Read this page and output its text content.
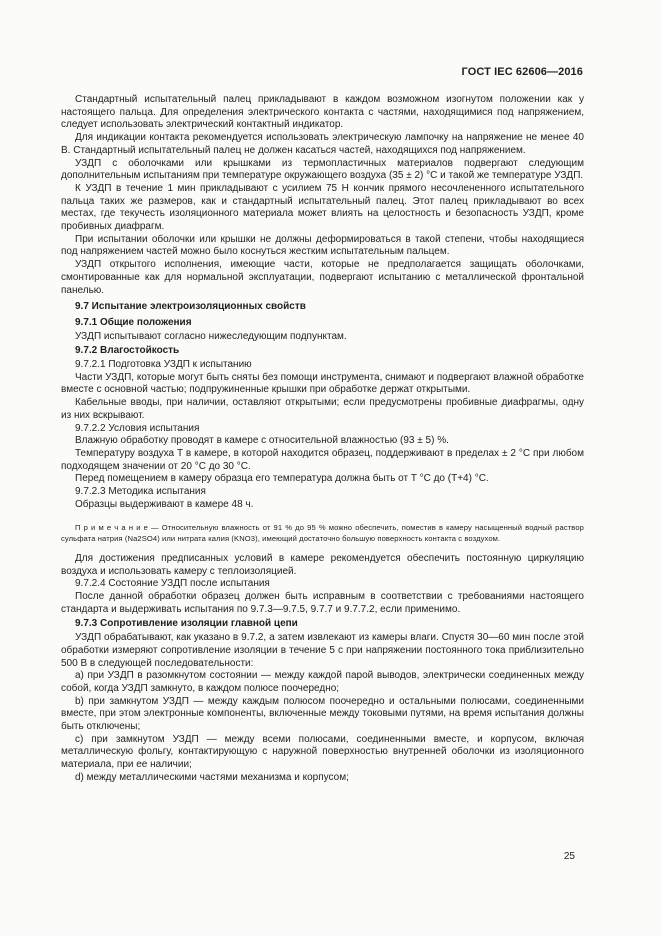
ГОСТ IEC 62606—2016

Стандартный испытательный палец прикладывают в каждом возможном изогнутом положении как у настоящего пальца. Для определения электрического контакта с частями, находящимися под напряжением, следует использовать электрический контактный индикатор.

Для индикации контакта рекомендуется использовать электрическую лампочку на напряжение не менее 40 В. Стандартный испытательный палец не должен касаться частей, находящихся под напряжением.

УЗДП с оболочками или крышками из термопластичных материалов подвергают следующим дополнительным испытаниям при температуре окружающего воздуха (35 ± 2) °С и такой же температуре УЗДП.

К УЗДП в течение 1 мин прикладывают с усилием 75 Н кончик прямого несочлененного испытательного пальца таких же размеров, как и стандартный испытательный палец. Этот палец прикладывают во всех местах, где текучесть изоляционного материала может влиять на целостность и безопасность УЗДП, кроме пробивных диафрагм.

При испытании оболочки или крышки не должны деформироваться в такой степени, чтобы находящиеся под напряжением частей можно было коснуться жестким испытательным пальцем.

УЗДП открытого исполнения, имеющие части, которые не предполагается защищать оболочками, смонтированные как для нормальной эксплуатации, подвергают испытанию с металлической фронтальной панелью.

9.7 Испытание электроизоляционных свойств

9.7.1 Общие положения

УЗДП испытывают согласно нижеследующим подпунктам.

9.7.2 Влагостойкость

9.7.2.1 Подготовка УЗДП к испытанию

Части УЗДП, которые могут быть сняты без помощи инструмента, снимают и подвергают влажной обработке вместе с основной частью; подпружиненные крышки при обработке держат открытыми.

Кабельные вводы, при наличии, оставляют открытыми; если предусмотрены пробивные диафрагмы, одну из них вскрывают.

9.7.2.2 Условия испытания

Влажную обработку проводят в камере с относительной влажностью (93 ± 5) %.

Температуру воздуха T в камере, в которой находится образец, поддерживают в пределах ± 2 °C при любом подходящем значении от 20 °C до 30 °C.

Перед помещением в камеру образца его температура должна быть от T °C до (T+4) °C.

9.7.2.3 Методика испытания

Образцы выдерживают в камере 48 ч.

П р и м е ч а н и е — Относительную влажность от 91 % до 95 % можно обеспечить, поместив в камеру насыщенный водный раствор сульфата натрия (Na2SO4) или нитрата калия (KNO3), имеющий достаточно большую поверхность контакта с воздухом.

Для достижения предписанных условий в камере рекомендуется обеспечить постоянную циркуляцию воздуха и использовать камеру с теплоизоляцией.

9.7.2.4 Состояние УЗДП после испытания

После данной обработки образец должен быть исправным в соответствии с требованиями настоящего стандарта и выдерживать испытания по 9.7.3—9.7.5, 9.7.7 и 9.7.7.2, если применимо.

9.7.3 Сопротивление изоляции главной цепи

УЗДП обрабатывают, как указано в 9.7.2, а затем извлекают из камеры влаги. Спустя 30—60 мин после этой обработки измеряют сопротивление изоляции в течение 5 с при напряжении постоянного тока приблизительно 500 В в следующей последовательности:

a) при УЗДП в разомкнутом состоянии — между каждой парой выводов, электрически соединенных между собой, когда УЗДП замкнуто, в каждом полюсе поочередно;

b) при замкнутом УЗДП — между каждым полюсом поочередно и остальными полюсами, соединенными вместе, при этом электронные компоненты, включенные между токовыми путями, на время испытания должны быть отключены;

c) при замкнутом УЗДП — между всеми полюсами, соединенными вместе, и корпусом, включая металлическую фольгу, контактирующую с наружной поверхностью внутренней оболочки из изоляционного материала, при ее наличии;

d) между металлическими частями механизма и корпусом;

25
